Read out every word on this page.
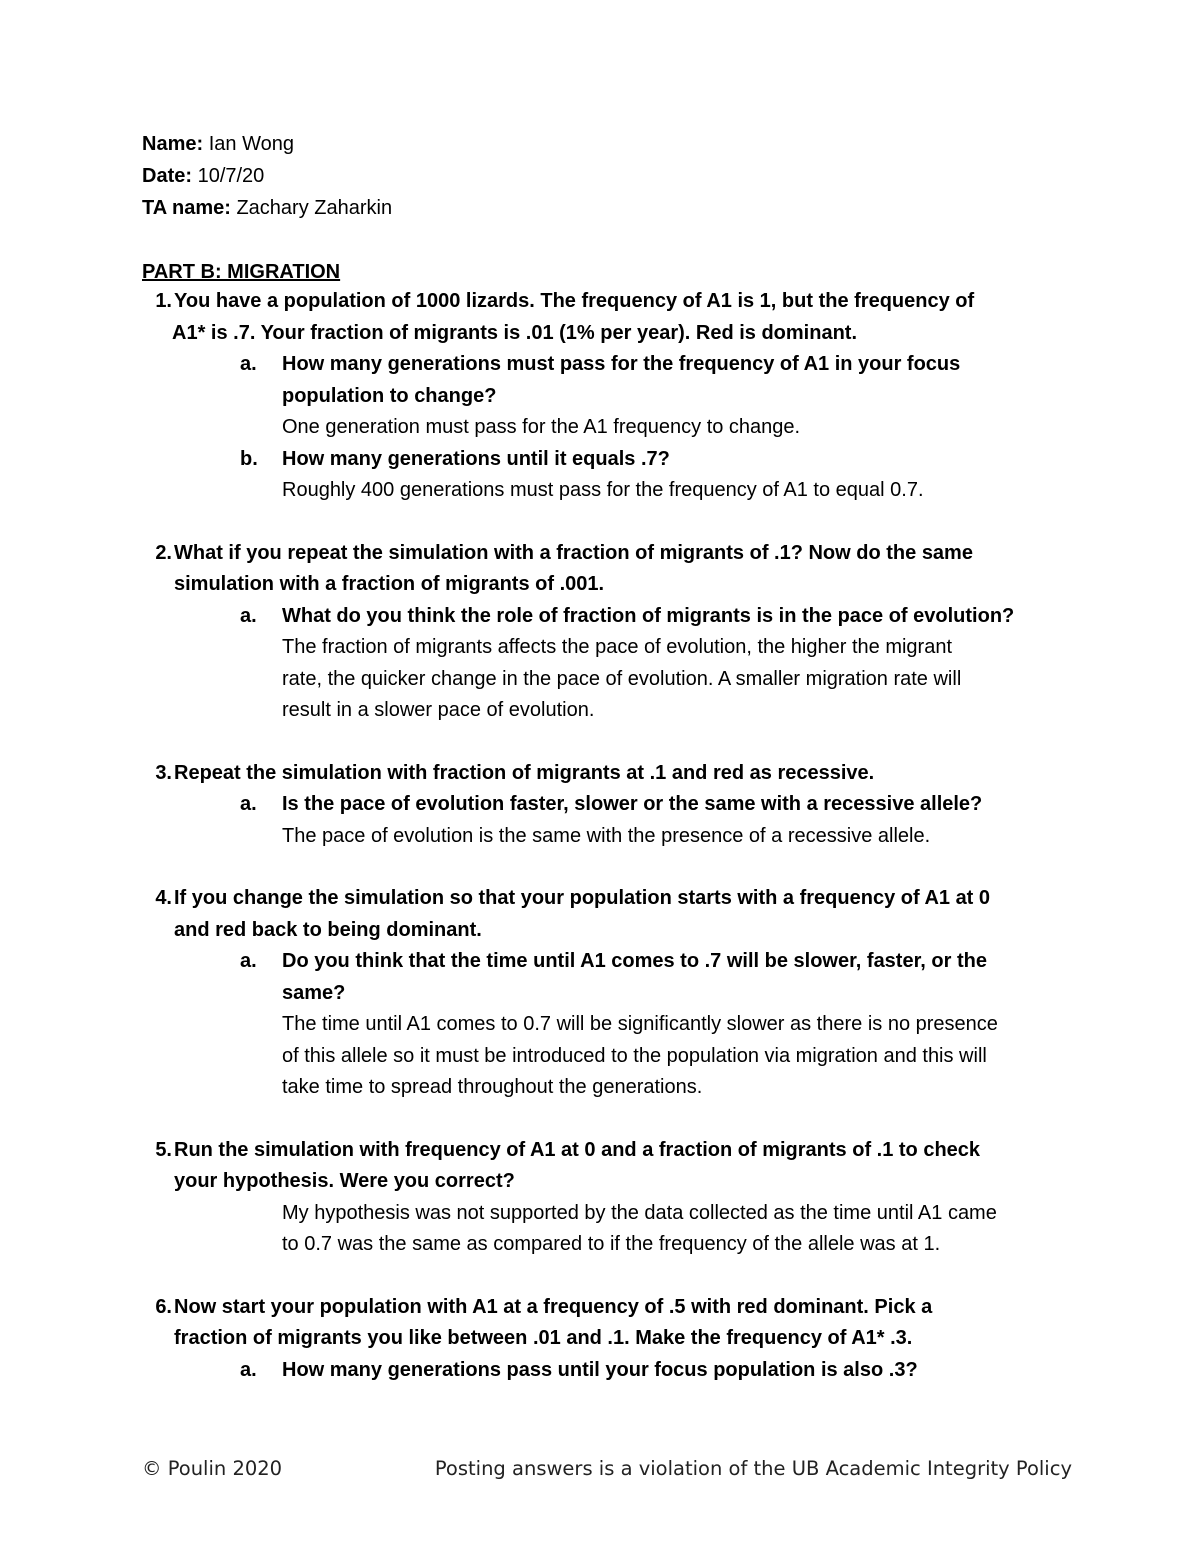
Name: Ian Wong
Date: 10/7/20
TA name: Zachary Zaharkin
PART B: MIGRATION
1. You have a population of 1000 lizards. The frequency of A1 is 1, but the frequency of
A1* is .7. Your fraction of migrants is .01 (1% per year). Red is dominant.
a.	How many generations must pass for the frequency of A1 in your focus
population to change?
One generation must pass for the A1 frequency to change.
b.	How many generations until it equals .7?
Roughly 400 generations must pass for the frequency of A1 to equal 0.7.
2. What if you repeat the simulation with a fraction of migrants of .1? Now do the same
simulation with a fraction of migrants of .001.
a.	What do you think the role of fraction of migrants is in the pace of evolution?
The fraction of migrants affects the pace of evolution, the higher the migrant
rate, the quicker change in the pace of evolution. A smaller migration rate will
result in a slower pace of evolution.
3. Repeat the simulation with fraction of migrants at .1 and red as recessive.
a.	Is the pace of evolution faster, slower or the same with a recessive allele?
The pace of evolution is the same with the presence of a recessive allele.
4. If you change the simulation so that your population starts with a frequency of A1 at 0
and red back to being dominant.
a.	Do you think that the time until A1 comes to .7 will be slower, faster, or the
same?
The time until A1 comes to 0.7 will be significantly slower as there is no presence
of this allele so it must be introduced to the population via migration and this will
take time to spread throughout the generations.
5. Run the simulation with frequency of A1 at 0 and a fraction of migrants of .1 to check
your hypothesis. Were you correct?
My hypothesis was not supported by the data collected as the time until A1 came
to 0.7 was the same as compared to if the frequency of the allele was at 1.
6. Now start your population with A1 at a frequency of .5 with red dominant. Pick a
fraction of migrants you like between .01 and .1. Make the frequency of A1* .3.
a.	How many generations pass until your focus population is also .3?
© Poulin 2020	Posting answers is a violation of the UB Academic Integrity Policy
